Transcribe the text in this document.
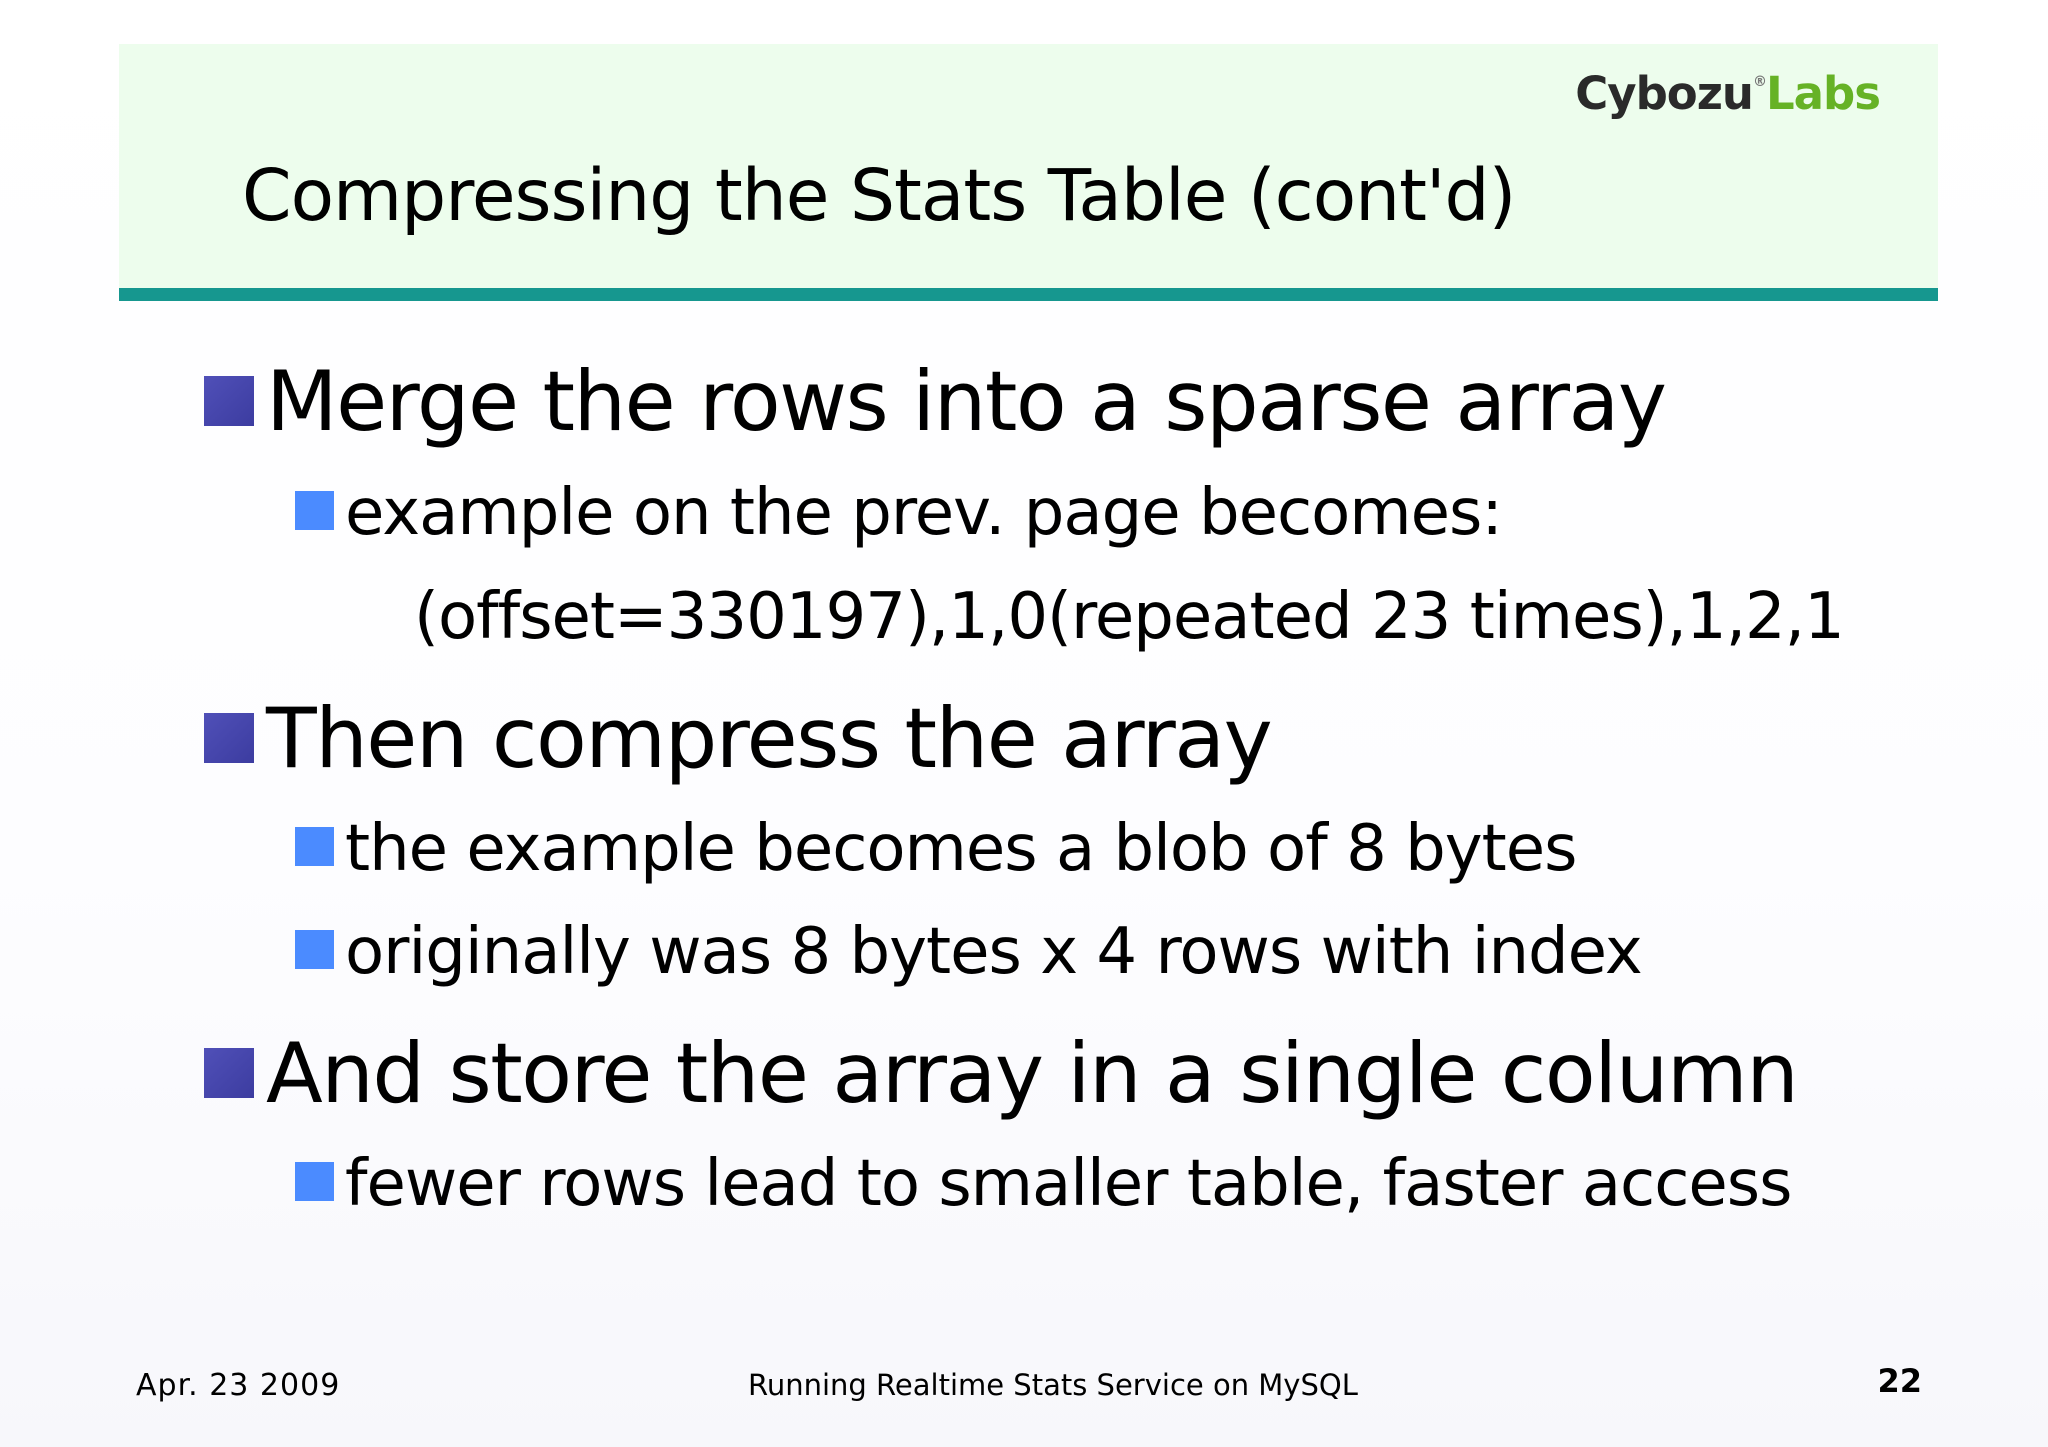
Cybozu®Labs
Compressing the Stats Table (cont'd)
Merge the rows into a sparse array
example on the prev. page becomes:
(offset=330197),1,0(repeated 23 times),1,2,1
Then compress the array
the example becomes a blob of 8 bytes
originally was 8 bytes x 4 rows with index
And store the array in a single column
fewer rows lead to smaller table, faster access
Apr. 23 2009	Running Realtime Stats Service on MySQL	22
